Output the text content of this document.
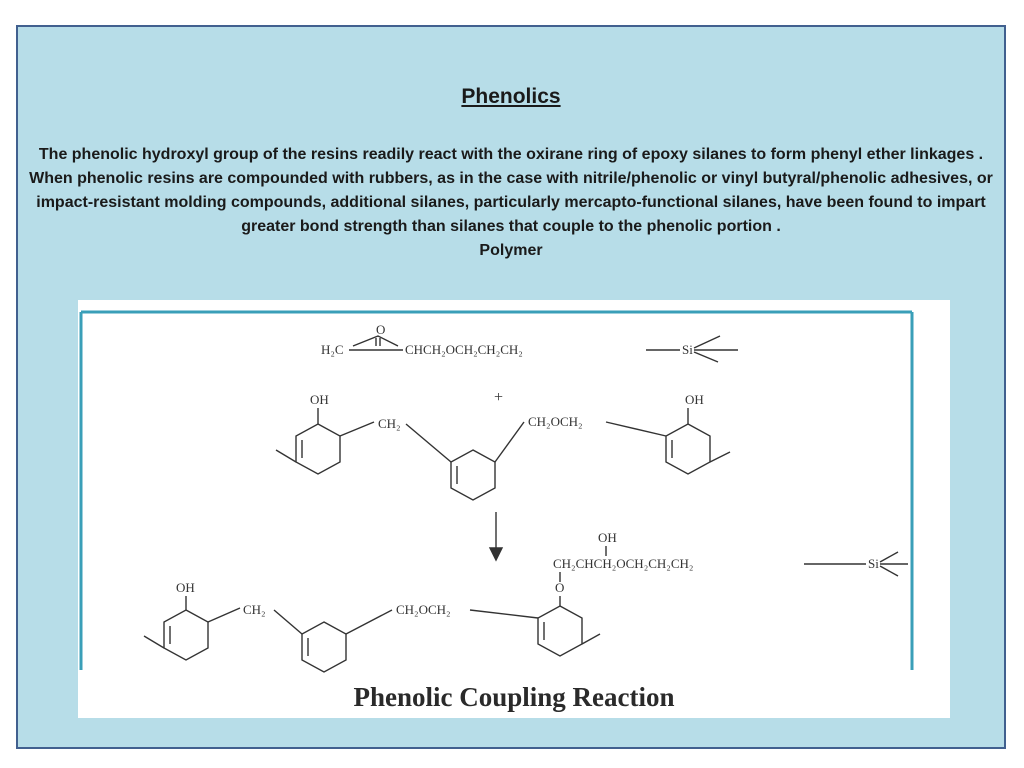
Phenolics

The phenolic hydroxyl group of the resins readily react with the oxirane ring of epoxy silanes to form phenyl ether linkages .

When phenolic resins are compounded with rubbers, as in the case with nitrile/phenolic or vinyl butyral/phenolic adhesives, or impact-resistant molding compounds, additional silanes, particularly mercapto-functional silanes, have been found to impart greater bond strength than silanes that couple to the phenolic portion .

Polymer

O
H₂C	CHCH₂OCH₂CH₂CH₂	Si
+
OH
CH₂	CH₂OCH₂
OH
OH
CH₂CHCH₂OCH₂CH₂CH₂	Si
O
OH
CH₂	CH₂OCH₂
Phenolic Coupling Reaction
